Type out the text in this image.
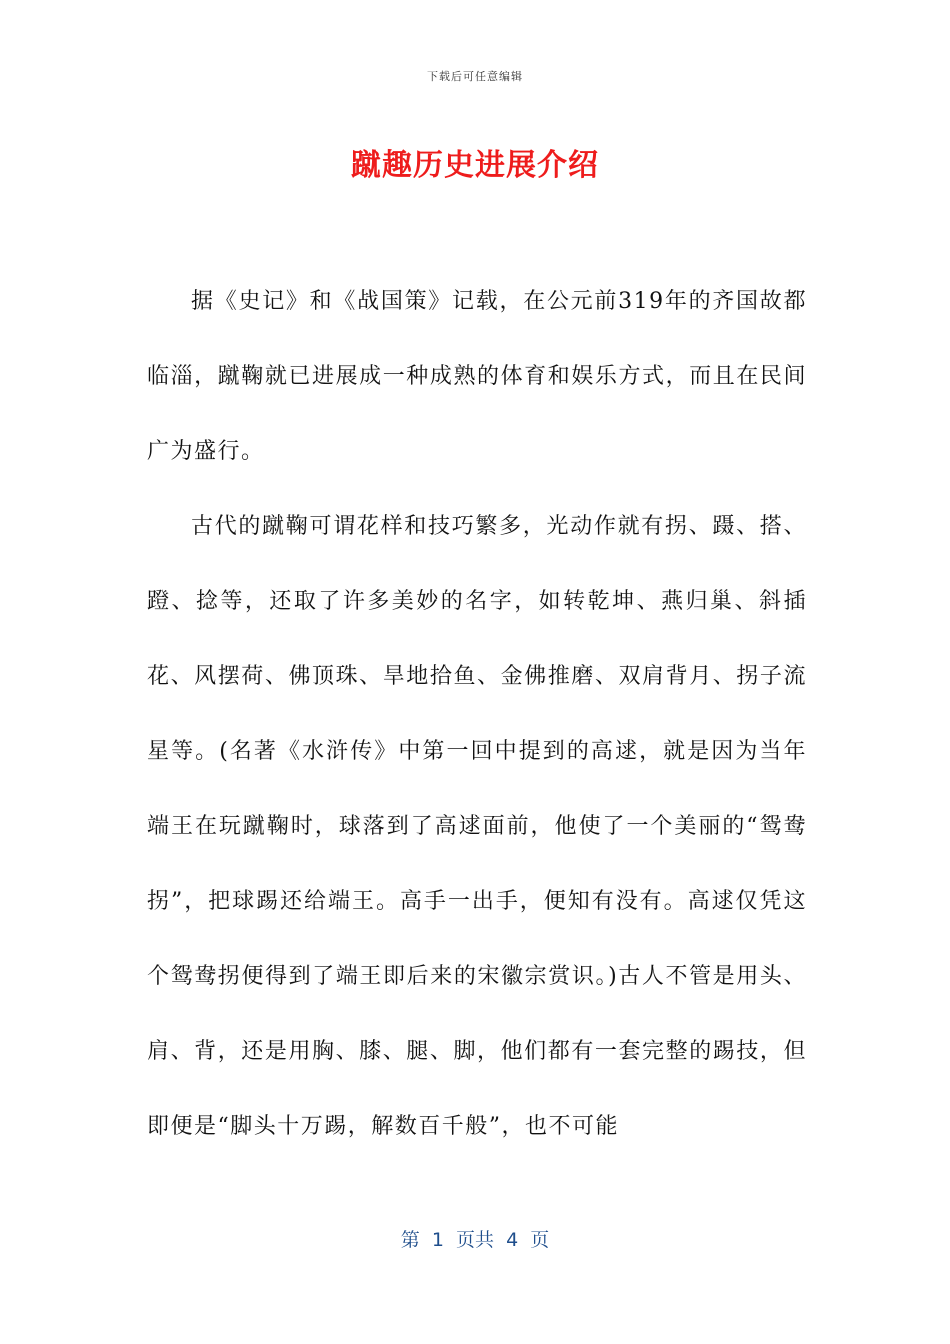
下载后可任意编辑
蹴趣历史进展介绍

据《史记》和《战国策》记载，在公元前319年的齐国故都临淄，蹴鞠就已进展成一种成熟的体育和娱乐方式，而且在民间广为盛行。

古代的蹴鞠可谓花样和技巧繁多，光动作就有拐、蹑、搭、蹬、捻等，还取了许多美妙的名字，如转乾坤、燕归巢、斜插花、风摆荷、佛顶珠、旱地拾鱼、金佛推磨、双肩背月、拐子流星等。(名著《水浒传》中第一回中提到的高逑，就是因为当年端王在玩蹴鞠时，球落到了高逑面前，他使了一个美丽的“鸳鸯拐”，把球踢还给端王。高手一出手，便知有没有。高逑仅凭这个鸳鸯拐便得到了端王即后来的宋徽宗赏识。)古人不管是用头、肩、背，还是用胸、膝、腿、脚，他们都有一套完整的踢技，但即便是“脚头十万踢，解数百千般”，也不可能

第  1  页共  4  页
